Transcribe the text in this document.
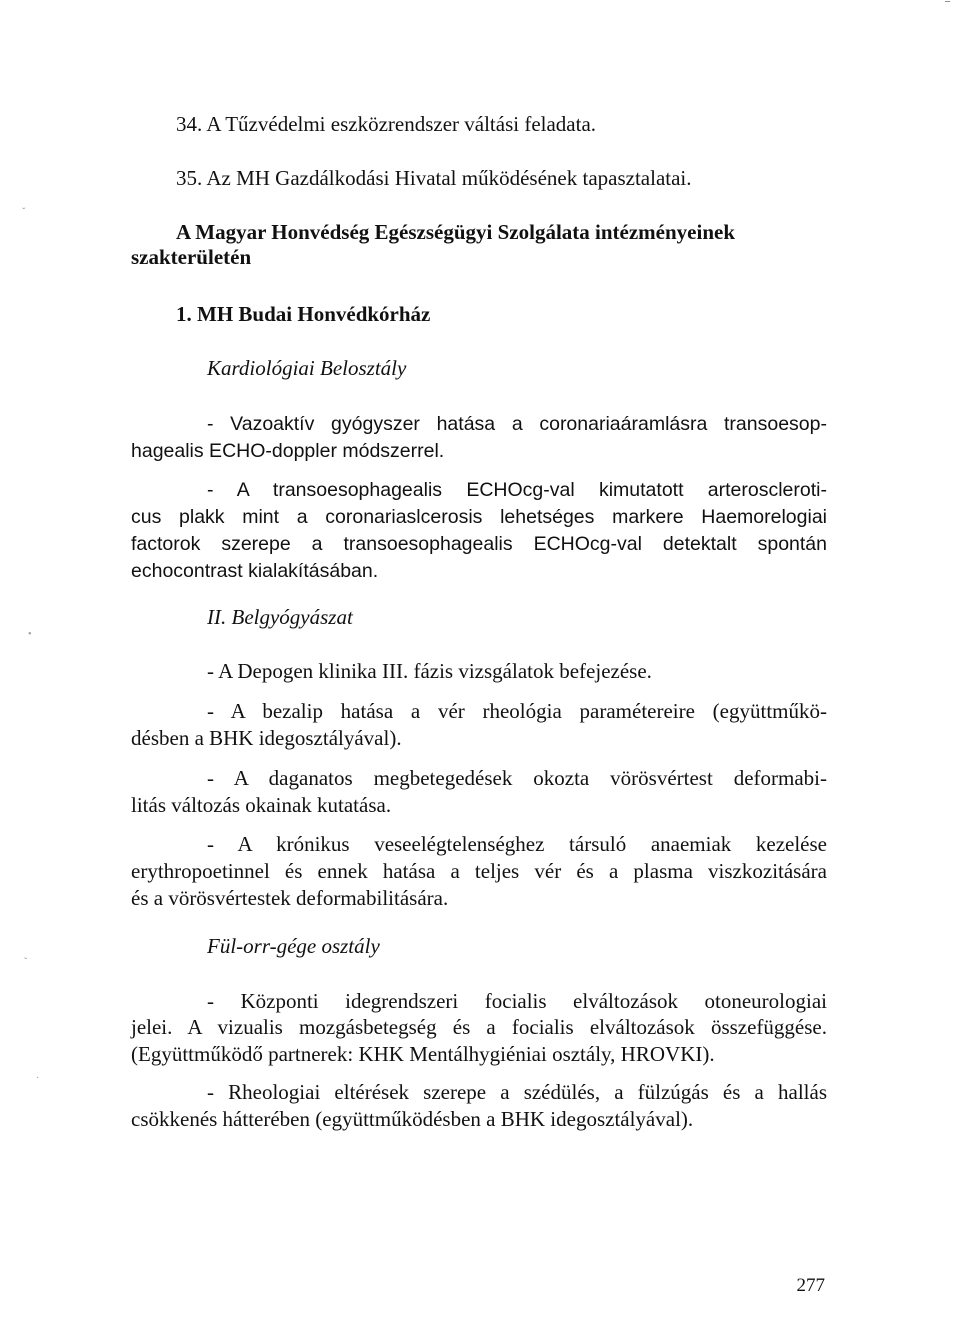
ˇ
•
ˇ
·
¯
34. A Tűzvédelmi eszközrendszer váltási feladata.
35. Az MH Gazdálkodási Hivatal működésének tapasztalatai.
A Magyar Honvédség Egészségügyi Szolgálata intézményeinek
szakterületén
1. MH Budai Honvédkórház
Kardiológiai Belosztály
- Vazoaktív gyógyszer hatása a coronariaáramlásra transoesop-
hagealis ECHO-doppler módszerrel.
- A transoesophagealis ECHOcg-val kimutatott arteroscleroti-
cus plakk mint a coronariaslcerosis lehetséges markere Haemorelogiai
factorok szerepe a transoesophagealis ECHOcg-val detektalt spontán
echocontrast kialakításában.
II. Belgyógyászat
- A Depogen klinika III. fázis vizsgálatok befejezése.
- A bezalip hatása a vér rheológia paramétereire (együttműkö-
désben a BHK idegosztályával).
- A daganatos megbetegedések okozta vörösvértest deformabi-
litás változás okainak kutatása.
- A krónikus veseelégtelenséghez társuló anaemiak kezelése
erythropoetinnel és ennek hatása a teljes vér és a plasma viszkozitására
és a vörösvértestek deformabilitására.
Fül-orr-gége osztály
- Központi idegrendszeri focialis elváltozások otoneurologiai
jelei. A vizualis mozgásbetegség és a focialis elváltozások összefüggése.
(Együttműködő partnerek: KHK Mentálhygiéniai osztály, HROVKI).
- Rheologiai eltérések szerepe a szédülés, a fülzúgás és a hallás
csökkenés hátterében (együttműködésben a BHK idegosztályával).
277
